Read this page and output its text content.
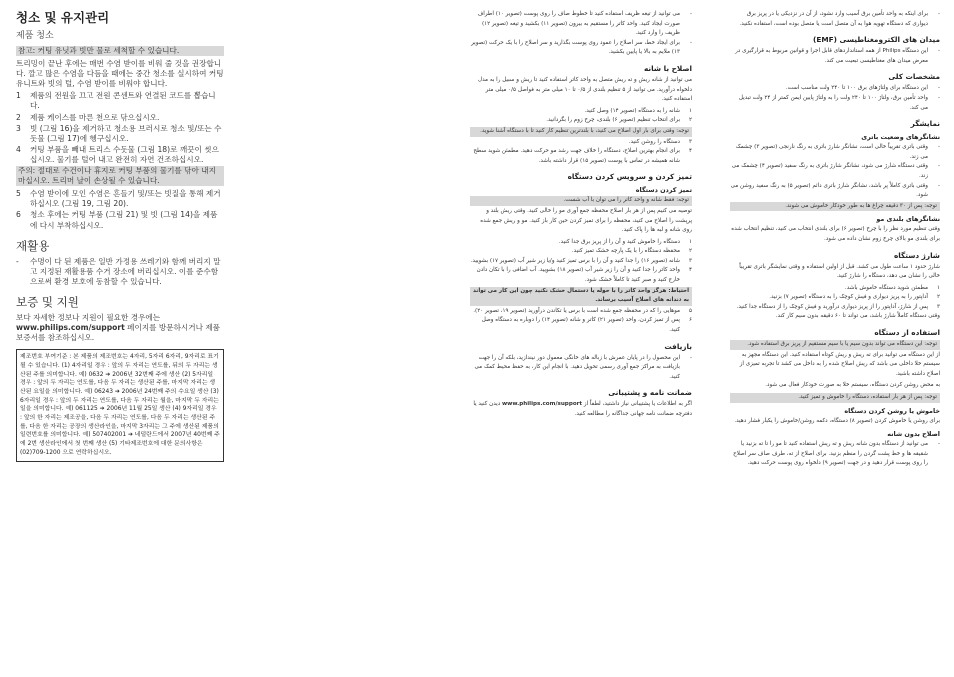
청소 및 유지관리
제품 청소
참고: 커팅 유닛과 빗만 물로 세척할 수 있습니다.
트리밍이 끝난 후에는 매번 수염 받이를 비워 줄 것을 권장합니다. 깔고 많은 수염을 다듬을 때에는 중간 청소를 실시하여 커팅 유니트와 빗의 털, 수염 받이를 비워야 합니다.
1	제품의 전원을 끄고 전원 콘센트와 연결된 코드를 뽑습니다.
2	제품 케이스를 마른 천으로 닦으십시오.
3	빗 (그림 16)을 제거하고 청소용 브러시로 청소 및/또는 수돗물 (그림 17)에 헹구십시오.
4	커팅 부품을 빼내 트리스 수돗물 (그림 18)로 깨끗이 씻으십시오. 물기를 털어 내고 완전히 자연 건조하십시오.
주의: 절대로 수건이나 휴지로 커팅 부품의 물기를 닦아 내지 마십시오. 트리머 날이 손상될 수 있습니다.
5	수염 받이에 모인 수염은 흔들기 및/또는 빗질을 통해 제거하십시오 (그림 19, 그림 20).
6	청소 후에는 커팅 부품 (그림 21) 및 빗 (그림 14)을 제품에 다시 부착하십시오.
재활용
-	수명이 다 된 제품은 일반 가정용 쓰레기와 함께 버리지 말고 지정된 재활용품 수거 장소에 버리십시오. 이를 준수함으로써 환경 보호에 동참할 수 있습니다.
보증 및 지원
보다 자세한 정보나 지원이 필요한 경우에는 www.philips.com/support 페이지를 방문하시거나 제품 보증서를 참조하십시오.
제조번호 부여기준 : 본 제품의 제조번호는 4자리, 5자리 6자리, 9자리로 표기될 수 있습니다. (1) 4자리일 경우 : 앞의 두 자리는 연도를, 뒤의 두 자리는 생산된 주를 의미합니다. 예) 0632 ➔ 2006년 32번째 주에 생산 (2) 5자리일 경우 : 앞의 두 자리는 연도를, 다음 두 자리는 생산된 주를, 마지막 자리는 생산된 요일을 의미합니다. 예) 06243 ➔ 2006년 24번째 주의 수요일 생산 (3) 6자리일 경우 : 앞의 두 자리는 연도를, 다음 두 자리는 월을, 마지막 두 자리는 일을 의미합니다. 예) 061125 ➔ 2006년 11월 25일 생산 (4) 9자리일 경우 : 앞의 한 자리는 제조공을, 다음 두 자리는 연도를, 다음 두 자리는 생산된 주를, 다음 한 자리는 공장의 생산라인을, 마지막 3자리는 그 주에 생산된 제품의 일련번호를 의미합니다. 예) 507402001 ➔ 네덜란드에서 2007년 40번째 주에 2번 생산라인에서 첫 번째 생산 (5) 기타제조번호에 대한 문의사항은 (02)709-1200 으로 연락하십시오.
-
می توانید از تیغه ظریف استفاده کنید تا خطوط صاف را روی پوست (تصویر ۱۰) اطراف صورت ایجاد کنید. واحد کاتر را مستقیم به بیرون (تصویر ۱۱) بکشید و تیغه (تصویر ۱۲) ظریف را وارد کنید.
-
برای ایجاد خط، سر اصلاح را عمود روی پوست بگذارید و سر اصلاح را با یک حرکت (تصویر ۱۳) ملایم به بالا یا پایین بکشید.
اصلاح با شانه
می توانید از شانه ریش و ته ریش متصل به واحد کاتر استفاده کنید تا ریش و سبیل را به مدل دلخواه درآورید. می توانید از ۵ تنظیم بلندی از ۰/۵ تا ۱۰ میلی متر به فواصل ۰/۵ میلی متر استفاده کنید.
۱
شانه را به دستگاه (تصویر ۱۴) وصل کنید.
۲
برای انتخاب تنظیم (تصویر ۶) بلندی، چرخ زوم را بگردانید.
توجه: وقتی برای بار اول اصلاح می کنید، با بلندترین تنظیم کار کنید تا با دستگاه آشنا شوید.
۳
دستگاه را روشن کنید.
۴
برای انجام بهترین اصلاح، دستگاه را خلاف جهت رشد مو حرکت دهید. مطمئن شوید سطح شانه همیشه در تماس با پوست (تصویر ۱۵) قرار داشته باشد.
تمیز کردن و سرویس کردن دستگاه
تمیز کردن دستگاه
توجه: فقط شانه و واحد کاتر را می توان با آب شست.
توصیه می کنیم پس از هر بار اصلاح محفظه جمع آوری مو را خالی کنید. وقتی ریش بلند و پرپشت را اصلاح می کنید، محفظه را برای تمیز کردن حین کار باز کنید. مو و ریش جمع شده روی شانه و لبه ها را پاک کنید.
۱
دستگاه را خاموش کنید و آن را از پریز برق جدا کنید.
۲
محفظه دستگاه را با یک پارچه خشک تمیز کنید.
۳
شانه (تصویر ۱۶) را جدا کنید و آن را با برس تمیز کنید و/یا زیر شیر آب (تصویر ۱۷) بشویید.
۴
واحد کاتر را جدا کنید و آن را زیر شیر آب (تصویر ۱۸) بشویید. آب اضافی را با تکان دادن خارج کنید و صبر کنید تا کاملاً خشک شود.
احتیاط: هرگز واحد کاتر را با حوله یا دستمال خشک نکنید چون این کار می تواند به دندانه های اصلاح آسیب برساند.
۵
موهایی را که در محفظه جمع شده است با برس یا تکاندن درآورید (تصویر ۱۹، تصویر ۲۰).
۶
پس از تمیز کردن، واحد (تصویر ۲۱) کاتر و شانه (تصویر ۱۴) را دوباره به دستگاه وصل کنید.
بازیافت
-
این محصول را در پایان عمرش با زباله های خانگی معمول دور نیندازید، بلکه آن را جهت بازیافت به مراکز جمع آوری رسمی تحویل دهید. با انجام این کار، به حفظ محیط کمک می کنید.
ضمانت نامه و پشتیبانی
اگر به اطلاعات یا پشتیبانی نیاز داشتید، لطفاً از www.philips.com/support دیدن کنید یا دفترچه ضمانت نامه جهانی جداگانه را مطالعه کنید.
-
برای اینکه به واحد تأمین برق آسیب وارد نشود، از آن در نزدیکی یا در پریز برق دیواری که دستگاه تهویه هوا به آن متصل است یا متصل بوده است، استفاده نکنید.
میدان های الکترومغناطیسی (EMF)
-
این دستگاه Philips از همه استانداردهای قابل اجرا و قوانین مربوط به قرارگیری در معرض میدان های مغناطیسی تبعیت می کند.
مشخصات کلی
-
این دستگاه برای ولتاژهای برق ۱۰۰ تا ۲۴۰ ولت مناسب است.
-
واحد تأمین برق، ولتاژ ۱۰۰ تا ۲۴۰ ولت را به ولتاژ پایین ایمن کمتر از ۲۴ ولت تبدیل می کند.
نمایشگر
نشانگرهای وضعیت باتری
-
وقتی باتری تقریباً خالی است، نشانگر شارژ باتری به رنگ نارنجی (تصویر ۳) چشمک می زند.
-
وقتی دستگاه شارژ می شود، نشانگر شارژ باتری به رنگ سفید (تصویر ۴) چشمک می زند.
-
وقتی باتری کاملاً پر باشد، نشانگر شارژ باتری دائم (تصویر ۵) به رنگ سفید روشن می شود.
توجه: پس از ۳۰ دقیقه چراغ ها به طور خودکار خاموش می شوند.
نشانگرهای بلندی مو
وقتی تنظیم مورد نظر را با چرخ (تصویر ۶) برای بلندی انتخاب می کنید، تنظیم انتخاب شده برای بلندی مو بالای چرخ زوم نشان داده می شود.
شارژ دستگاه
شارژ حدود ۱ ساعت طول می کشد. قبل از اولین استفاده و وقتی نمایشگر باتری تقریباً خالی را نشان می دهد، دستگاه را شارژ کنید.
۱
مطمئن شوید دستگاه خاموش باشد.
۲
آداپتور را به پریز دیواری و فیش کوچک را به دستگاه (تصویر ۷) بزنید.
۳
پس از شارژ، آداپتور را از پریز دیواری درآورید و فیش کوچک را از دستگاه جدا کنید.
وقتی دستگاه کاملاً شارژ باشد، می تواند تا ۶۰ دقیقه بدون سیم کار کند.
استفاده از دستگاه
توجه: این دستگاه می تواند بدون سیم یا با سیم مستقیم از پریز برق استفاده شود.
از این دستگاه می توانید برای ته ریش و ریش کوتاه استفاده کنید. این دستگاه مجهز به سیستم خلا داخلی می باشد که ریش اصلاح شده را به داخل می کشد تا تجربه تمیزی از اصلاح داشته باشید.
به محض روشن کردن دستگاه، سیستم خلا به صورت خودکار فعال می شود.
توجه: پس از هر بار استفاده، دستگاه را خاموش و تمیز کنید.
خاموش یا روشن کردن دستگاه
برای روشن یا خاموش کردن (تصویر ۸) دستگاه، دکمه روشن/خاموش را یکبار فشار دهید.
اصلاح بدون شانه
-
می توانید از دستگاه بدون شانه ریش و ته ریش استفاده کنید تا مو را تا ته بزنید یا شقیقه ها و خط پشت گردن را منظم بزنید. برای اصلاح از ته، طرف صاف سر اصلاح را روی پوست قرار دهید و در جهت (تصویر ۹) دلخواه روی پوست حرکت دهید.
